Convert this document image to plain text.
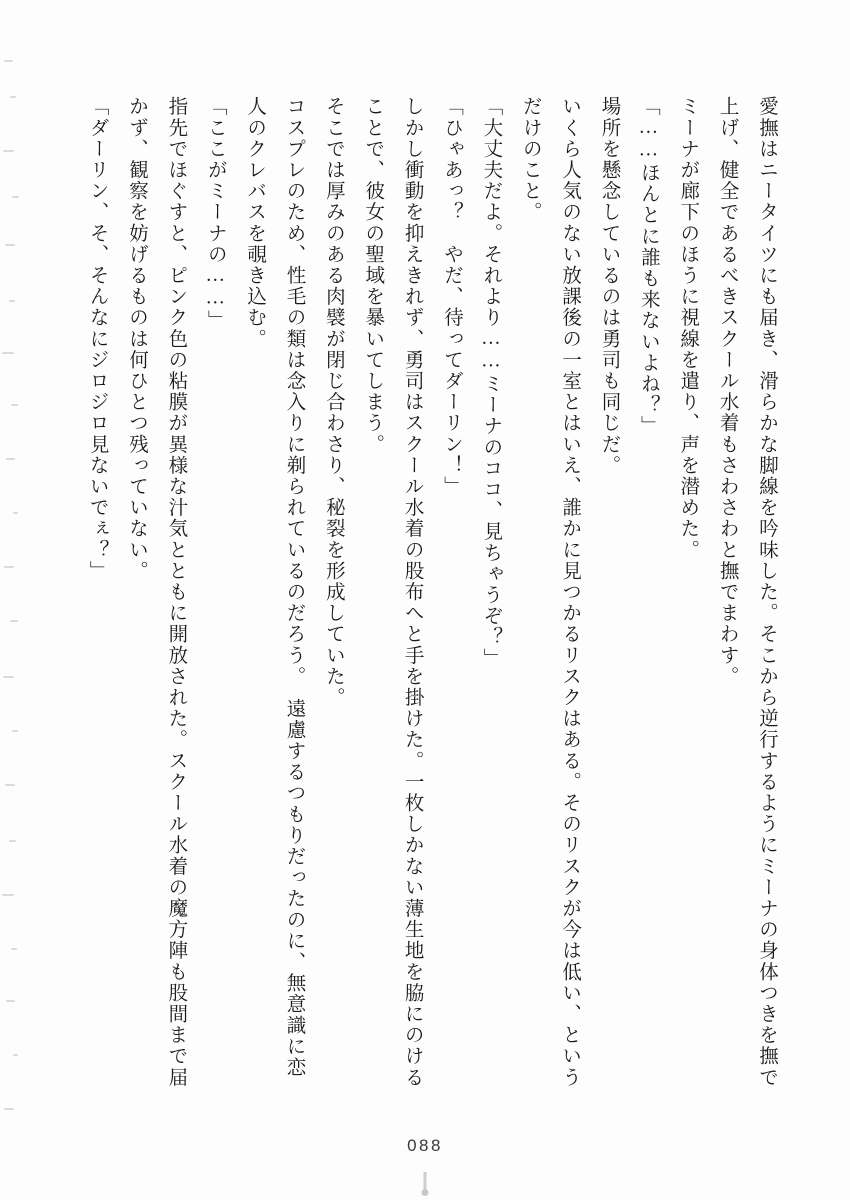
愛撫はニータイツにも届き、滑らかな脚線を吟味した。そこから逆行するようにミーナの身体つきを撫で上げ、健全であるべきスクール水着もさわさわと撫でまわす。

ミーナが廊下のほうに視線を遣り、声を潜めた。

「……ほんとに誰も来ないよね？」

場所を懸念しているのは勇司も同じだ。

いくら人気のない放課後の一室とはいえ、誰かに見つかるリスクはある。そのリスクが今は低い、というだけのこと。

「大丈夫だよ。それより……ミーナのココ、見ちゃうぞ？」

「ひゃあっ？　やだ、待ってダーリン！」

しかし衝動を抑えきれず、勇司はスクール水着の股布へと手を掛けた。一枚しかない薄生地を脇にのけることで、彼女の聖域を暴いてしまう。

そこでは厚みのある肉襞が閉じ合わさり、秘裂を形成していた。

コスプレのため、性毛の類は念入りに剃られているのだろう。　遠慮するつもりだったのに、無意識に恋人のクレバスを覗き込む。

「ここがミーナの……」

指先でほぐすと、ピンク色の粘膜が異様な汁気とともに開放された。スクール水着の魔方陣も股間まで届かず、観察を妨げるものは何ひとつ残っていない。

「ダーリン、そ、そんなにジロジロ見ないでぇ？」

088
